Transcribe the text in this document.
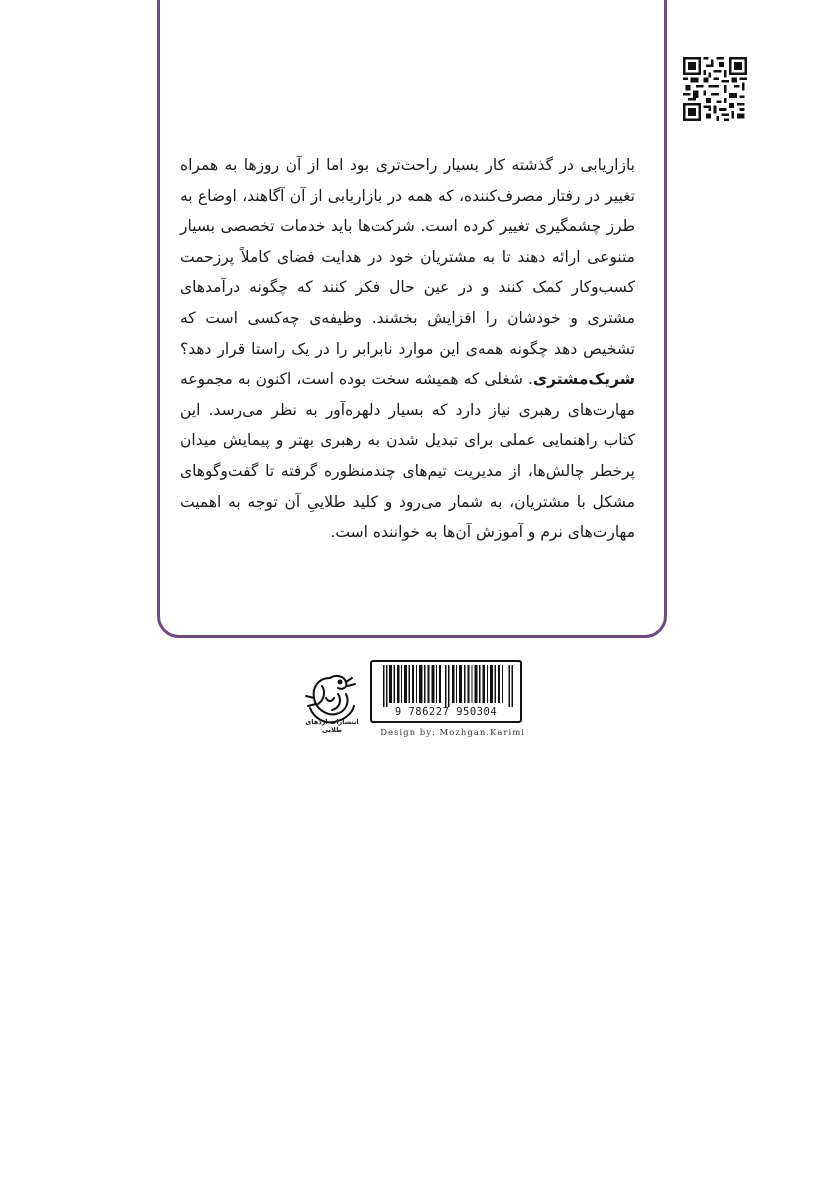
بازاریابی در گذشته کار بسیار راحت‌تری بود اما از آن روزها به همراه تغییر در رفتار مصرف‌کننده، که همه در بازاریابی از آن آگاهند، اوضاع به طرز چشمگیری تغییر کرده است. شرکت‌ها باید خدمات تخصصی بسیار متنوعی ارائه دهند تا به مشتریان خود در هدایت فضای کاملاً پرزحمت کسب‌وکار کمک کنند و در عین حال فکر کنند که چگونه درآمدهای مشتری و خودشان را افزایش بخشند. وظیفه‌ی چه‌کسی است که تشخیص دهد چگونه همه‌ی این موارد نابرابر را در یک راستا قرار دهد؟ شریک‌مشتری. شغلی که همیشه سخت بوده است، اکنون به مجموعه مهارت‌های رهبری نیاز دارد که بسیار دلهره‌آور به نظر می‌رسد. این کتاب راهنمایی عملی برای تبدیل شدن به رهبری بهتر و پیمایش میدان پرخطر چالش‌ها، از مدیریت تیم‌های چندمنظوره گرفته تا گفت‌وگوهای مشکل با مشتریان، به شمار می‌رود و کلید طلاییِ آن توجه به اهمیت مهارت‌های نرم و آموزش آن‌ها به خواننده است.

انتشارات اژدهای طلایی
9 786227 950304
Design by: Mozhgan.Karimi
